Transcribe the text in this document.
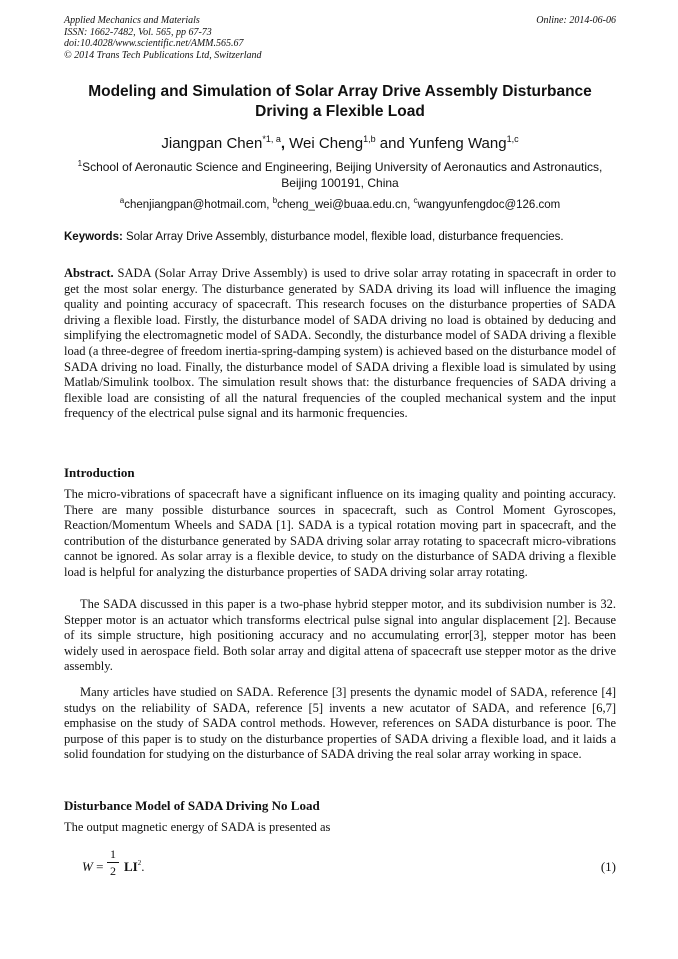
Applied Mechanics and Materials
ISSN: 1662-7482, Vol. 565, pp 67-73
doi:10.4028/www.scientific.net/AMM.565.67
© 2014 Trans Tech Publications Ltd, Switzerland
Online: 2014-06-06
Modeling and Simulation of Solar Array Drive Assembly Disturbance
Driving a Flexible Load
Jiangpan Chen$^{*1, a}$, Wei Cheng$^{1,b}$ and Yunfeng Wang$^{1,c}$
$^1$School of Aeronautic Science and Engineering, Beijing University of Aeronautics and Astronautics,
Beijing 100191, China
$^a$chenjiangpan@hotmail.com, $^b$cheng_wei@buaa.edu.cn, $^c$wangyunfengdoc@126.com
Keywords: Solar Array Drive Assembly, disturbance model, flexible load, disturbance frequencies.
Abstract. SADA (Solar Array Drive Assembly) is used to drive solar array rotating in spacecraft in order to get the most solar energy. The disturbance generated by SADA driving its load will influence the imaging quality and pointing accuracy of spacecraft. This research focuses on the disturbance properties of SADA driving a flexible load. Firstly, the disturbance model of SADA driving no load is obtained by deducing and simplifying the electromagnetic model of SADA. Secondly, the disturbance model of SADA driving a flexible load (a three-degree of freedom inertia-spring-damping system) is achieved based on the disturbance model of SADA driving no load. Finally, the disturbance model of SADA driving a flexible load is simulated by using Matlab/Simulink toolbox. The simulation result shows that: the disturbance frequencies of SADA driving a flexible load are consisting of all the natural frequencies of the coupled mechanical system and the input frequency of the electrical pulse signal and its harmonic frequencies.
Introduction
The micro-vibrations of spacecraft have a significant influence on its imaging quality and pointing accuracy. There are many possible disturbance sources in spacecraft, such as Control Moment Gyroscopes, Reaction/Momentum Wheels and SADA [1]. SADA is a typical rotation moving part in spacecraft, and the contribution of the disturbance generated by SADA driving solar array rotating to spacecraft micro-vibrations cannot be ignored. As solar array is a flexible device, to study on the disturbance of SADA driving a flexible load is helpful for analyzing the disturbance properties of SADA driving solar array rotating.
The SADA discussed in this paper is a two-phase hybrid stepper motor, and its subdivision number is 32. Stepper motor is an actuator which transforms electrical pulse signal into angular displacement [2]. Because of its simple structure, high positioning accuracy and no accumulating error[3], stepper motor has been widely used in aerospace field. Both solar array and digital attena of spacecraft use stepper motor as the drive assembly.
Many articles have studied on SADA. Reference [3] presents the dynamic model of SADA, reference [4] studys on the reliability of SADA, reference [5] invents a new acutator of SADA, and reference [6,7] emphasise on the study of SADA control methods. However, references on SADA disturbance is poor. The purpose of this paper is to study on the disturbance properties of SADA driving a flexible load, and it laids a solid foundation for studying on the disturbance of SADA driving the real solar array working in space.
Disturbance Model of SADA Driving No Load
The output magnetic energy of SADA is presented as
W =
1
2 $LI^2$.	(1)
